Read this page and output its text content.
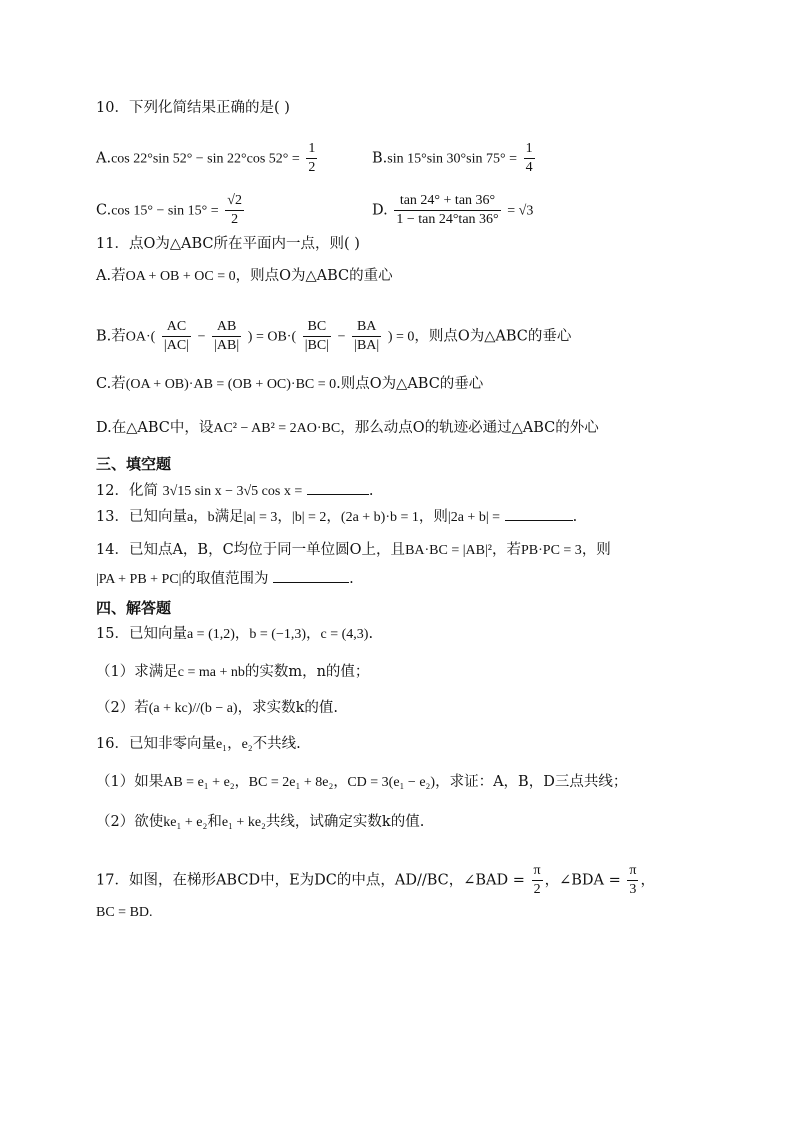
10．下列化简结果正确的是( )
A.cos 22°sin 52° − sin 22°cos $52^\circ = \frac{1}{2}$	B.sin 15°sin 30°sin $75^\circ = \frac{1}{4}$
C.cos $15^\circ - \sin 15^\circ = \frac{√2}{2}$	D. $\frac{\tan 24^\circ + \tan 36^\circ}{1 - \tan 24^\circ\tan 36^\circ} = √3$
11．点O为△ABC所在平面内一点，则( )
A.若OA + OB + OC = 0，则点O为△ABC的重心
B.若$OA\cdot( \frac{AC}{|AC|} - \frac{AB}{|AB|}$ ) = $OB\cdot( \frac{BC}{|BC|} - \frac{BA}{|BA|}$ ) = 0，则点O为△ABC的垂心
C.若(OA + OB)·AB = (OB + OC)·BC = 0.则点O为△ABC的垂心
D.在△ABC中，设AC² − AB² = 2AO·BC，那么动点O的轨迹必通过△ABC的外心
三、填空题
12．化简 3√15 sin x − 3√5 cos x =	.
13．已知向量a，b满足|a| = 3，|b| = 2，(2a + b)·b = 1，则|2a + b| =	.
14．已知点A，B，C均位于同一单位圆O上，且BA·BC = |AB|²，若PB·PC = 3，则
|PA + PB + PC|的取值范围为	.
四、解答题
15．已知向量a = (1,2)，b = (−1,3)，c = (4,3).
（1）求满足c = ma + nb的实数m，n的值；
（2）若(a + kc)//(b − a)，求实数k的值.
16．已知非零向量e₁，e₂不共线.
（1）如果AB = e₁ + e₂，BC = 2e₁ + 8e₂，CD = 3(e₁ − e₂)，求证：A，B，D三点共线；
（2）欲使ke₁ + e₂和e₁ + ke₂共线，试确定实数k的值.
17．如图，在梯形ABCD中，E为DC的中点，AD//BC，∠BAD = $\frac{\pi}{2}$ ，∠BDA = $\frac{\pi}{3}$ ，
BC = BD.
